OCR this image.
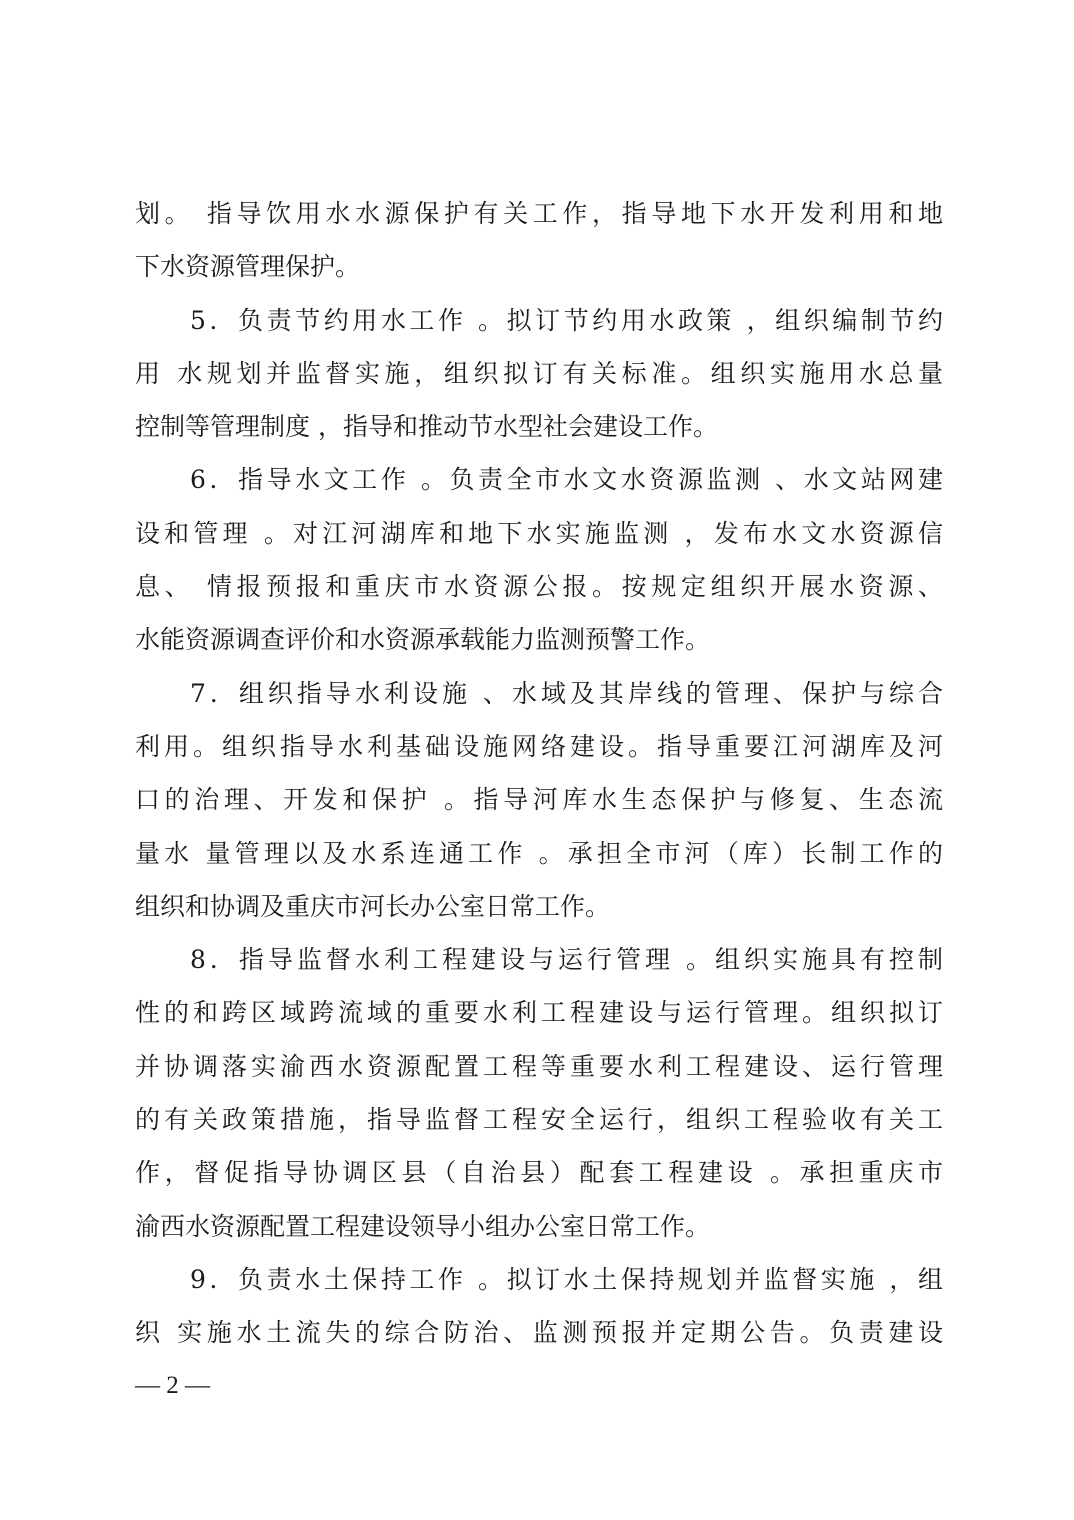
划。 指导饮用水水源保护有关工作，指导地下水开发利用和地
下水资源管理保护。
5．负责节约用水工作 。拟订节约用水政策 ，组织编制节约
用 水规划并监督实施，组织拟订有关标准。组织实施用水总量
控制等管理制度 ，指导和推动节水型社会建设工作。
6．指导水文工作 。负责全市水文水资源监测 、水文站网建
设和管理 。对江河湖库和地下水实施监测 ，发布水文水资源信
息、 情报预报和重庆市水资源公报。按规定组织开展水资源、
水能资源调查评价和水资源承载能力监测预警工作。
7．组织指导水利设施 、水域及其岸线的管理、保护与综合
利用。组织指导水利基础设施网络建设。指导重要江河湖库及河
口的治理、开发和保护 。指导河库水生态保护与修复、生态流
量水 量管理以及水系连通工作 。承担全市河（库）长制工作的
组织和协调及重庆市河长办公室日常工作。
8．指导监督水利工程建设与运行管理 。组织实施具有控制
性的和跨区域跨流域的重要水利工程建设与运行管理。组织拟订
并协调落实渝西水资源配置工程等重要水利工程建设、运行管理
的有关政策措施，指导监督工程安全运行，组织工程验收有关工
作，督促指导协调区县（自治县）配套工程建设 。承担重庆市
渝西水资源配置工程建设领导小组办公室日常工作。
9．负责水土保持工作 。拟订水土保持规划并监督实施 ，组
织 实施水土流失的综合防治、监测预报并定期公告。负责建设
— 2 —
